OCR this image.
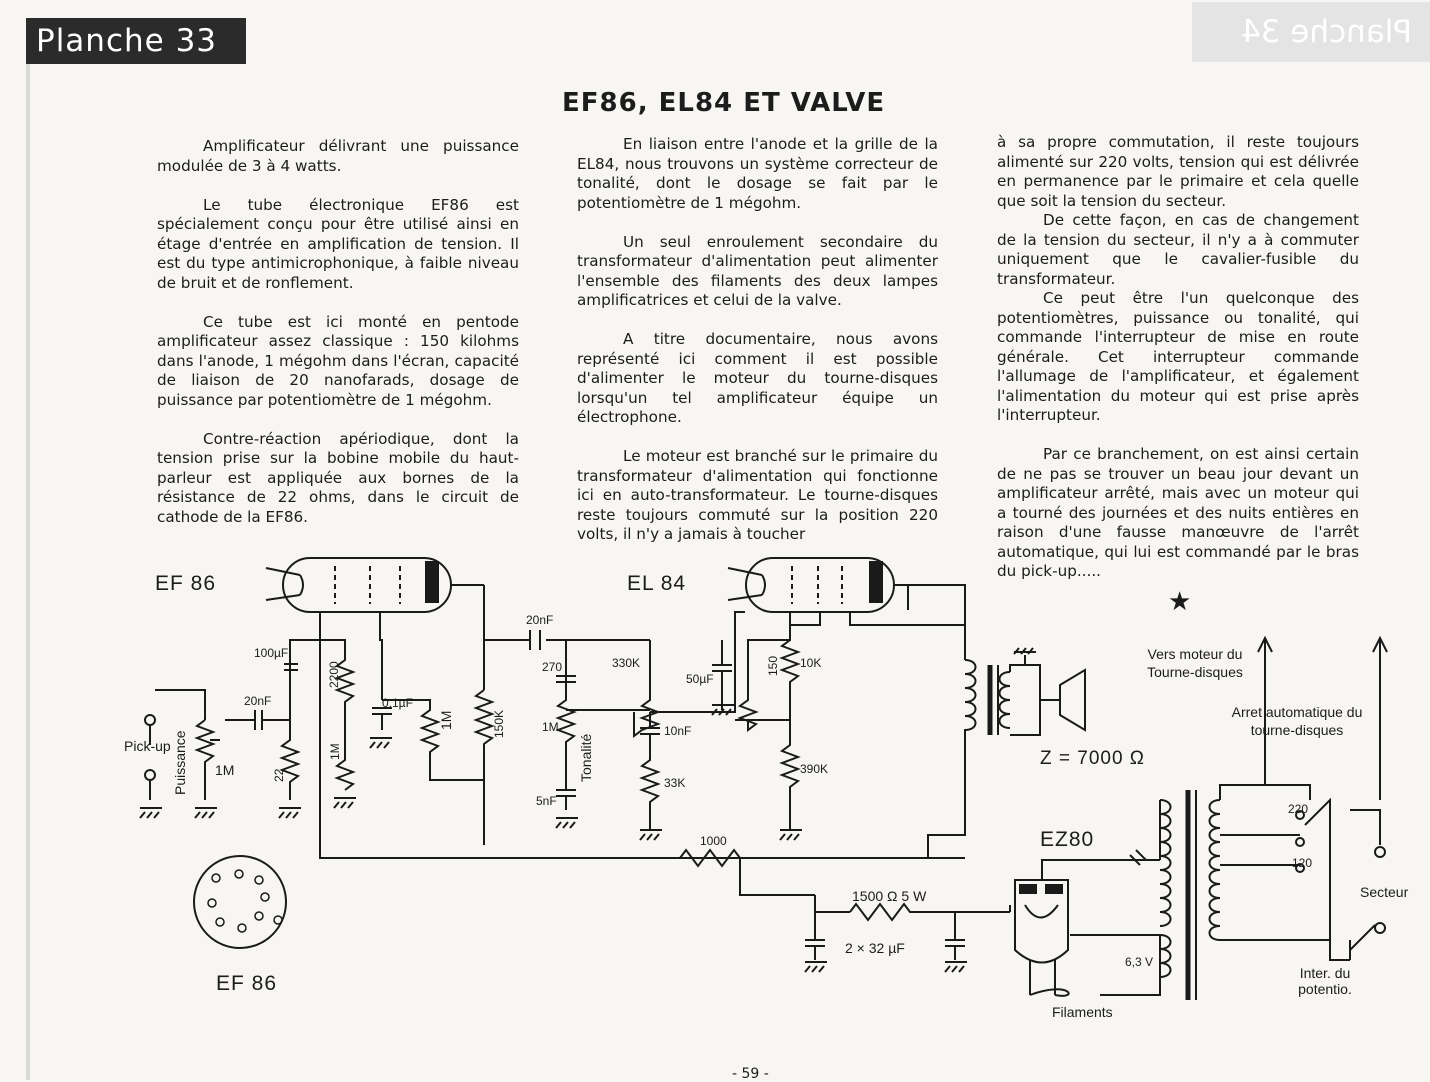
Planche 33	Planche 34
EF86, EL84 ET VALVE

Amplificateur délivrant une puissance modulée de 3 à 4 watts.

Le tube électronique EF86 est spécialement conçu pour être utilisé ainsi en étage d'entrée en amplification de tension. Il est du type antimicrophonique, à faible niveau de bruit et de ronflement.

Ce tube est ici monté en pentode amplificateur assez classique : 150 kilohms dans l'anode, 1 mégohm dans l'écran, capacité de liaison de 20 nanofarads, dosage de puissance par potentiomètre de 1 mégohm.

Contre-réaction apériodique, dont la tension prise sur la bobine mobile du haut-parleur est appliquée aux bornes de la résistance de 22 ohms, dans le circuit de cathode de la EF86.

En liaison entre l'anode et la grille de la EL84, nous trouvons un système correcteur de tonalité, dont le dosage se fait par le potentiomètre de 1 mégohm.

Un seul enroulement secondaire du transformateur d'alimentation peut alimenter l'ensemble des filaments des deux lampes amplificatrices et celui de la valve.

A titre documentaire, nous avons représenté ici comment il est possible d'alimenter le moteur du tourne-disques lorsqu'un tel amplificateur équipe un électrophone.

Le moteur est branché sur le primaire du transformateur d'alimentation qui fonctionne ici en auto-transformateur. Le tourne-disques reste toujours commuté sur la position 220 volts, il n'y a jamais à toucher

à sa propre commutation, il reste toujours alimenté sur 220 volts, tension qui est délivrée en permanence par le primaire et cela quelle que soit la tension du secteur.

De cette façon, en cas de changement de la tension du secteur, il n'y a à commuter uniquement que le cavalier-fusible du transformateur.

Ce peut être l'un quelconque des potentiomètres, puissance ou tonalité, qui commande l'interrupteur de mise en route générale. Cet interrupteur commande l'allumage de l'amplificateur, et également l'alimentation du moteur qui est prise après l'interrupteur.

Par ce branchement, on est ainsi certain de ne pas se trouver un beau jour devant un amplificateur arrêté, mais avec un moteur qui a tourné des journées et des nuits entières en raison d'une fausse manœuvre de l'arrêt automatique, qui lui est commandé par le bras du pick-up.....

★
EF 86	EL 84
EZ80
EF 86
Pick-up Puissance	Tonalité	Z = 7000 Ω
Vers moteur du Tourne-disques
Arret automatique du tourne-disques
Secteur
Inter. du potentio.
Filaments
2 × 32 µF
1500 Ω 5 W
220
120
6,3 V
1M
20nF
100µF
2200
22
1M
0,1µF
1M	150K
20nF
270
1M
5nF
330K
10nF
33K
50µF
150 10K
390K
1000
- 59 -
